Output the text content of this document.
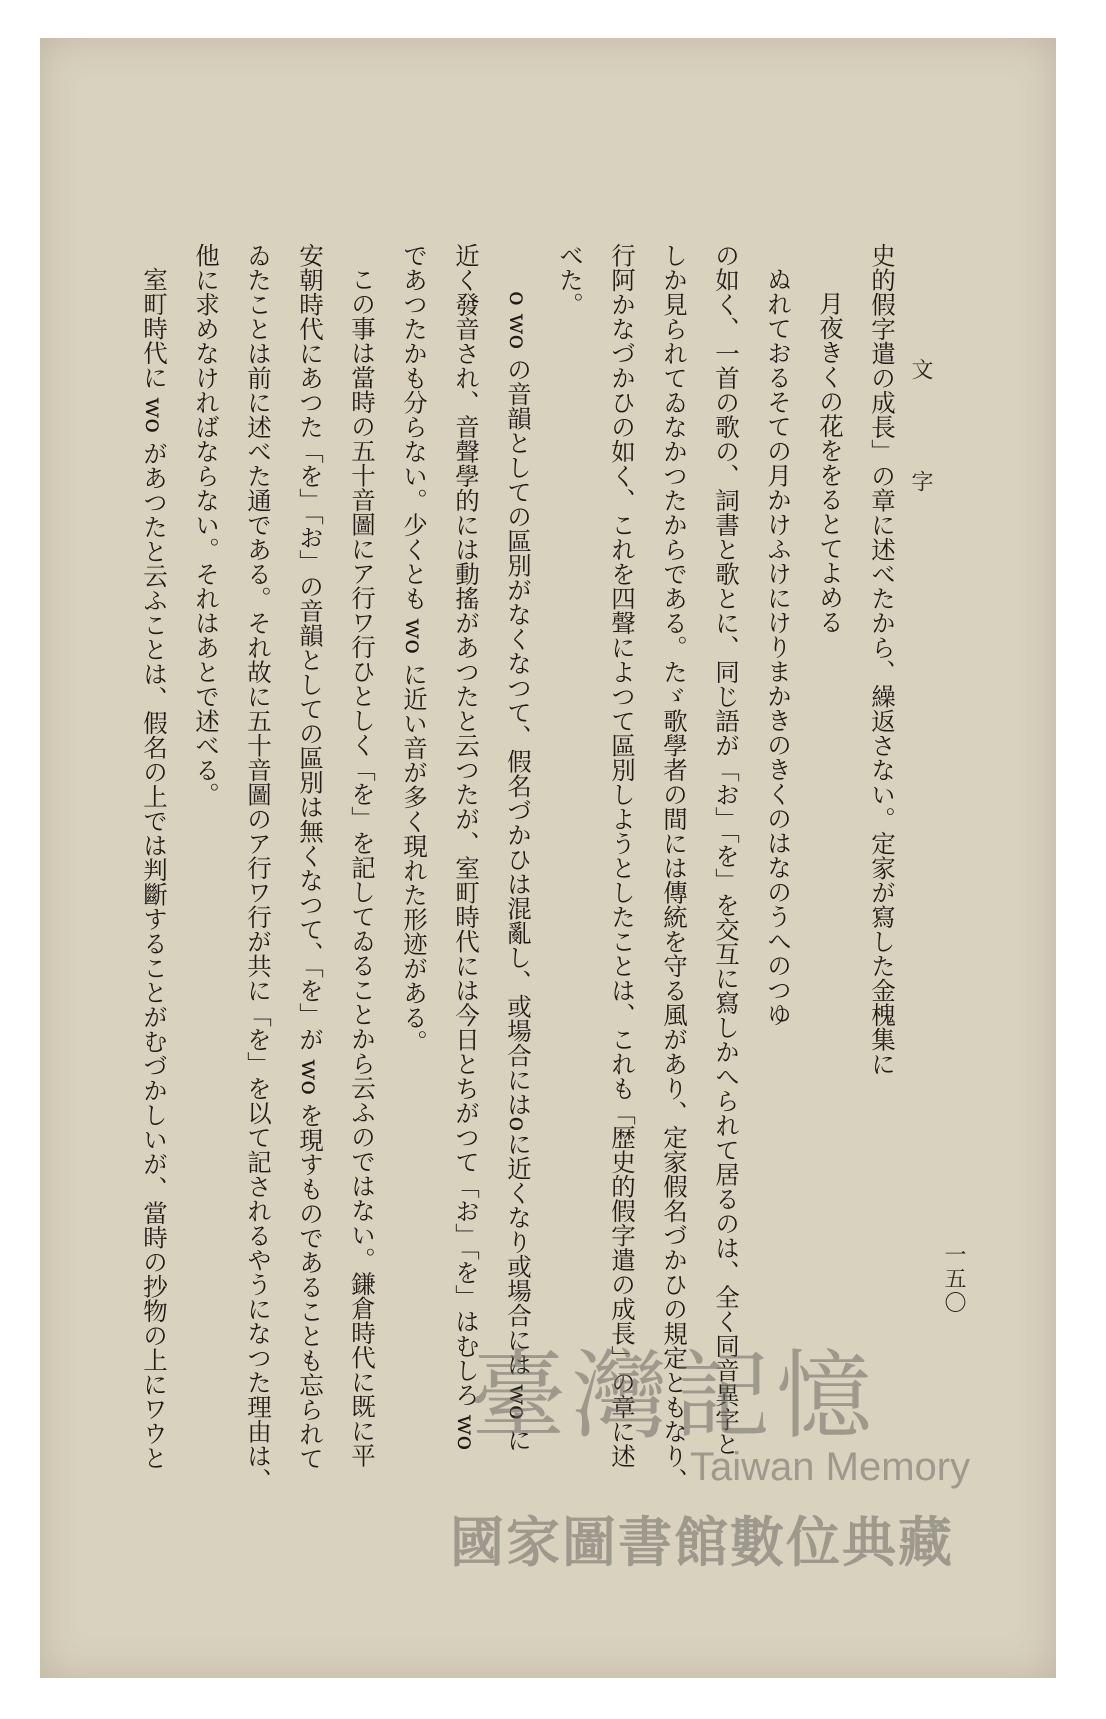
文　字
一五〇
史的假字遣の成長」の章に述べたから、繰返さない。定家が寫した金槐集に
月夜きくの花ををるとてよめる
ぬれておるそての月かけふけにけりまかきのきくのはなのうへのつゆ
の如く、一首の歌の、詞書と歌とに、同じ語が「お」「を」を交互に寫しかへられて居るのは、全く同音異字と
しか見られてゐなかつたからである。たゞ歌學者の間には傳統を守る風があり、定家假名づかひの規定ともなり、
行阿かなづかひの如く、これを四聲によつて區別しようとしたことは、これも「歴史的假字遣の成長」の章に述
べた。
o wo の音韻としての區別がなくなつて、假名づかひは混亂し、或場合にはoに近くなり或場合には wo に
近く發音され、音聲學的には動搖があつたと云つたが、室町時代には今日とちがつて「お」「を」はむしろ wo
であつたかも分らない。少くとも wo に近い音が多く現れた形迹がある。
この事は當時の五十音圖にア行ワ行ひとしく「を」を記してゐることから云ふのではない。鎌倉時代に既に平
安朝時代にあつた「を」「お」の音韻としての區別は無くなつて、「を」が wo を現すものであることも忘られて
ゐたことは前に述べた通である。それ故に五十音圖のア行ワ行が共に「を」を以て記されるやうになつた理由は、
他に求めなければならない。それはあとで述べる。
室町時代に wo があつたと云ふことは、假名の上では判斷することがむづかしいが、當時の抄物の上にワウと	臺灣記憶
Taiwan Memory
國家圖書館數位典藏
